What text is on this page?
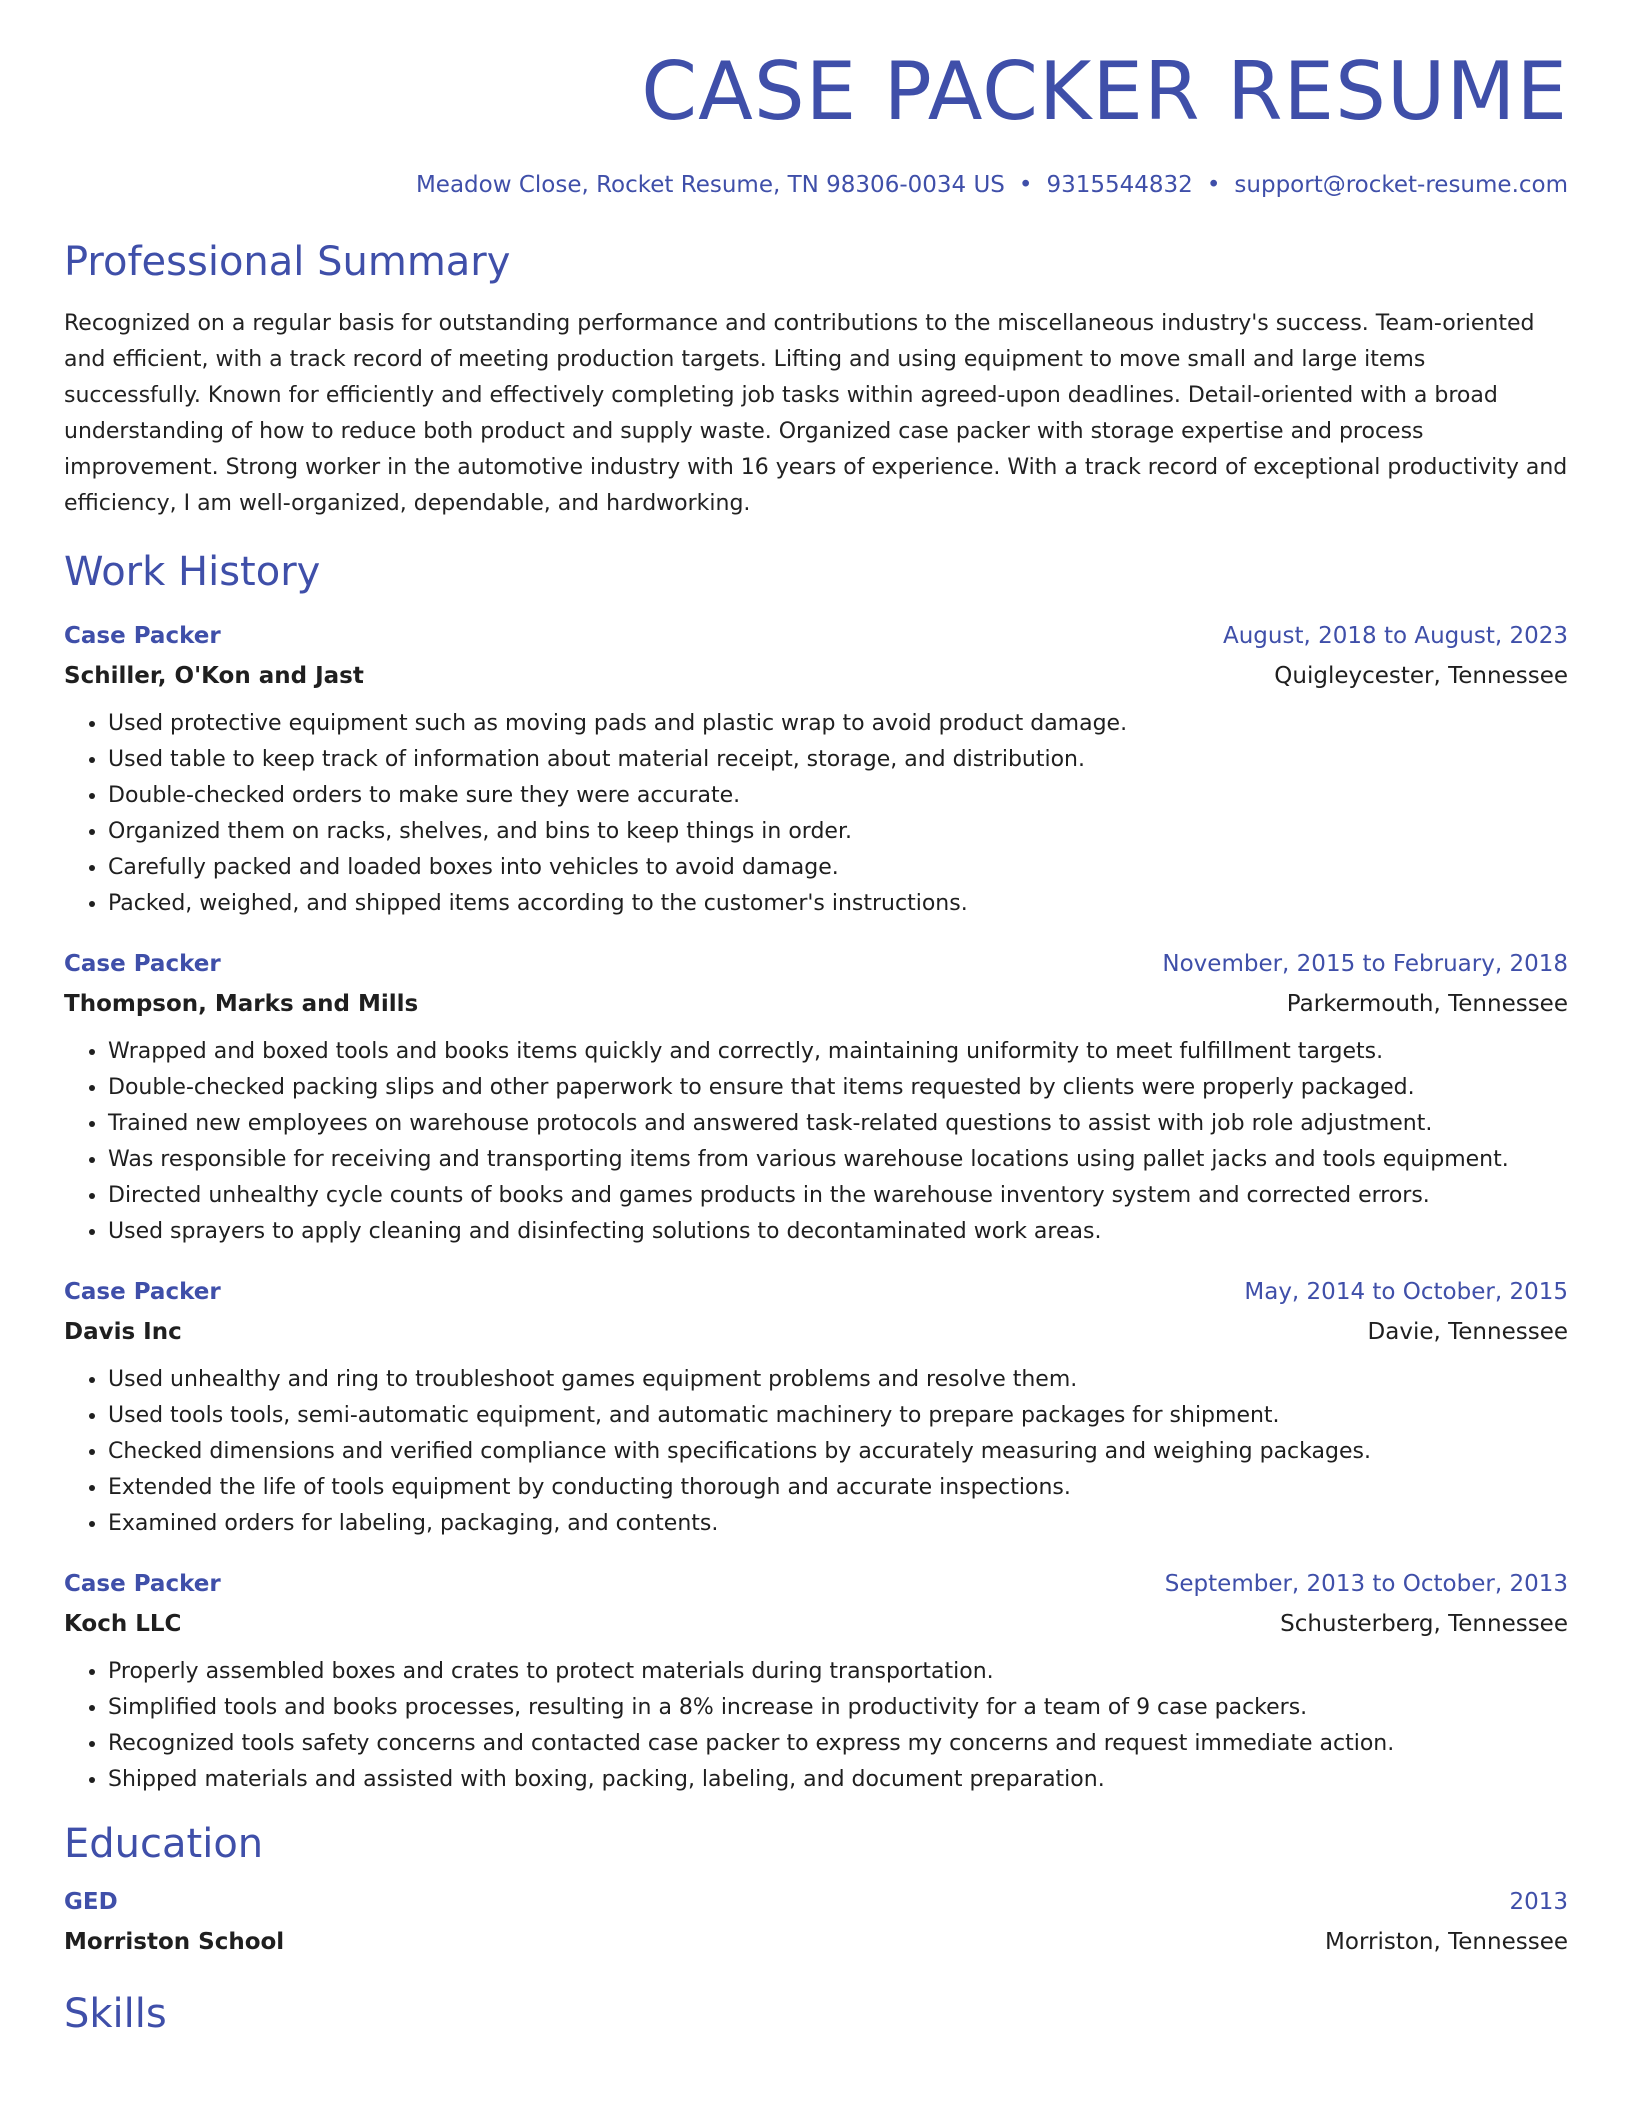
CASE PACKER RESUME
Meadow Close, Rocket Resume, TN 98306-0034 US • 9315544832 • support@rocket-resume.com
Professional Summary

Recognized on a regular basis for outstanding performance and contributions to the miscellaneous industry's success. Team-oriented and efficient, with a track record of meeting production targets. Lifting and using equipment to move small and large items successfully. Known for efficiently and effectively completing job tasks within agreed-upon deadlines. Detail-oriented with a broad understanding of how to reduce both product and supply waste. Organized case packer with storage expertise and process improvement. Strong worker in the automotive industry with 16 years of experience. With a track record of exceptional productivity and efficiency, I am well-organized, dependable, and hardworking.

Work History
Case Packer	August, 2018 to August, 2023
Schiller, O'Kon and Jast	Quigleycester, Tennessee
• Used protective equipment such as moving pads and plastic wrap to avoid product damage.
• Used table to keep track of information about material receipt, storage, and distribution.
• Double-checked orders to make sure they were accurate.
• Organized them on racks, shelves, and bins to keep things in order.
• Carefully packed and loaded boxes into vehicles to avoid damage.
• Packed, weighed, and shipped items according to the customer's instructions.
Case Packer	November, 2015 to February, 2018
Thompson, Marks and Mills	Parkermouth, Tennessee
• Wrapped and boxed tools and books items quickly and correctly, maintaining uniformity to meet fulfillment targets.
• Double-checked packing slips and other paperwork to ensure that items requested by clients were properly packaged.
• Trained new employees on warehouse protocols and answered task-related questions to assist with job role adjustment.
• Was responsible for receiving and transporting items from various warehouse locations using pallet jacks and tools equipment.
• Directed unhealthy cycle counts of books and games products in the warehouse inventory system and corrected errors.
• Used sprayers to apply cleaning and disinfecting solutions to decontaminated work areas.
Case Packer	May, 2014 to October, 2015
Davis Inc	Davie, Tennessee
• Used unhealthy and ring to troubleshoot games equipment problems and resolve them.
• Used tools tools, semi-automatic equipment, and automatic machinery to prepare packages for shipment.
• Checked dimensions and verified compliance with specifications by accurately measuring and weighing packages.
• Extended the life of tools equipment by conducting thorough and accurate inspections.
• Examined orders for labeling, packaging, and contents.
Case Packer	September, 2013 to October, 2013
Koch LLC	Schusterberg, Tennessee
• Properly assembled boxes and crates to protect materials during transportation.
• Simplified tools and books processes, resulting in a 8% increase in productivity for a team of 9 case packers.
• Recognized tools safety concerns and contacted case packer to express my concerns and request immediate action.
• Shipped materials and assisted with boxing, packing, labeling, and document preparation.
Education
GED	2013
Morriston School	Morriston, Tennessee
Skills
